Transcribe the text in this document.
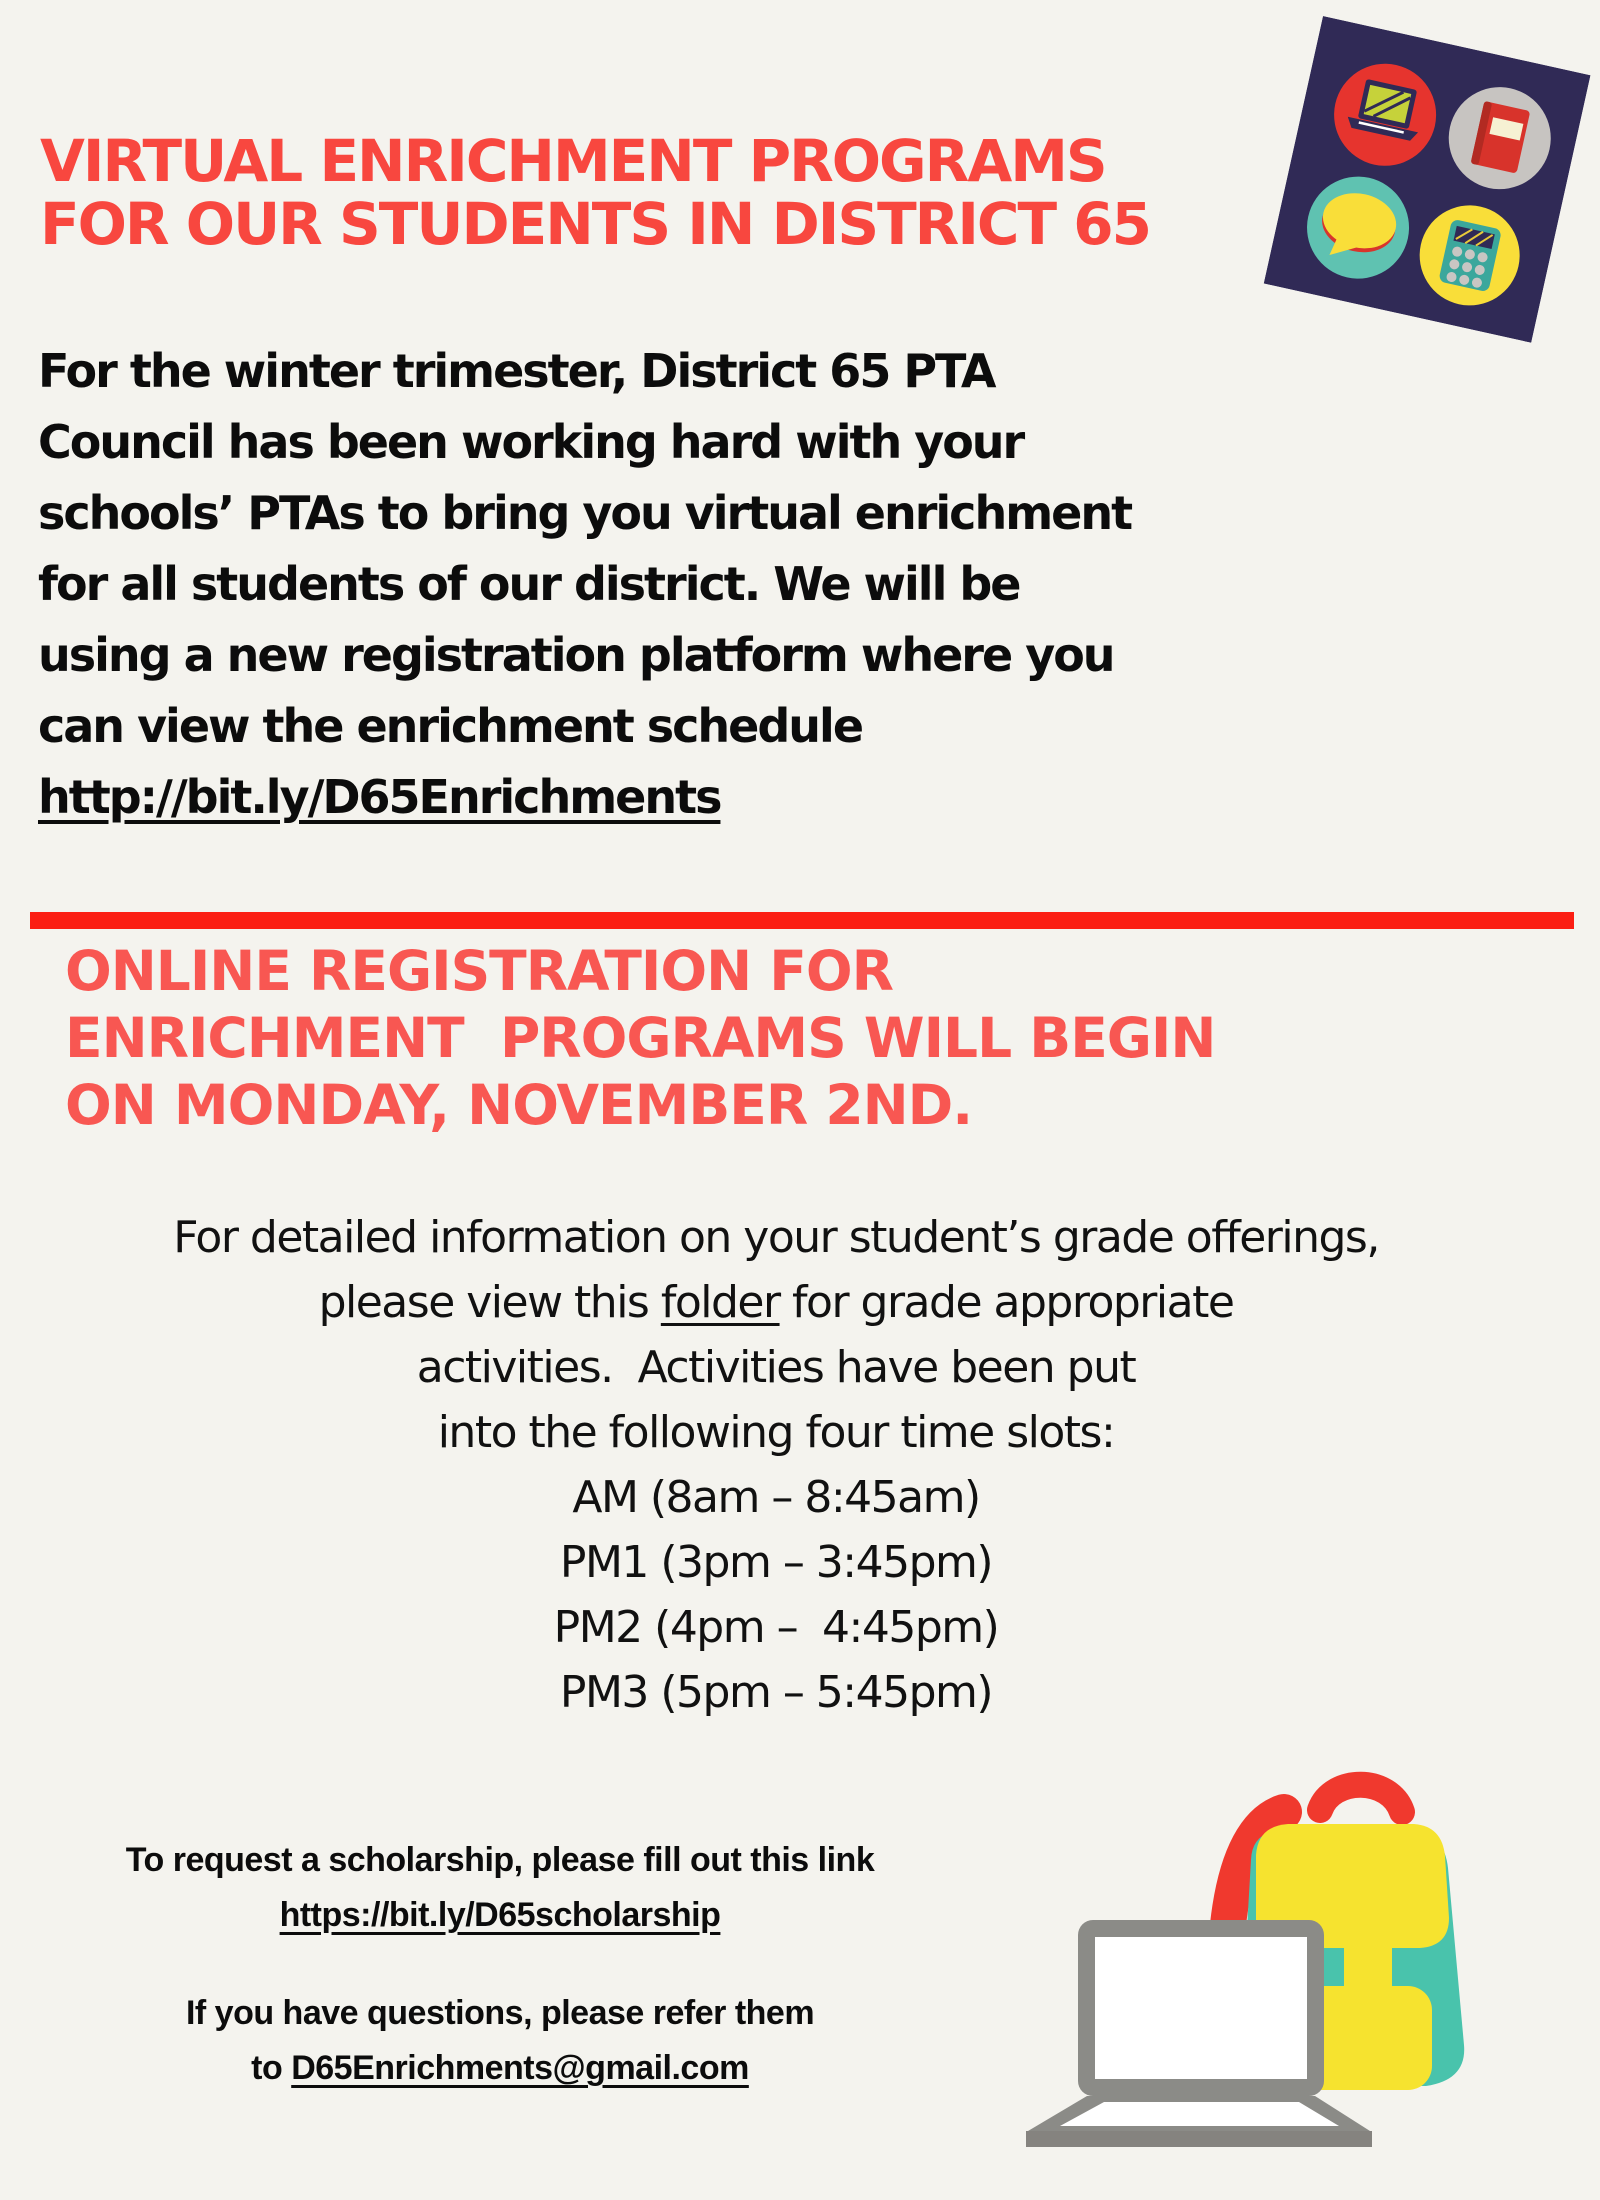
VIRTUAL ENRICHMENT PROGRAMS
FOR OUR STUDENTS IN DISTRICT 65
For the winter trimester, District 65 PTA
Council has been working hard with your
schools’ PTAs to bring you virtual enrichment
for all students of our district. We will be
using a new registration platform where you
can view the enrichment schedule
http://bit.ly/D65Enrichments
ONLINE REGISTRATION FOR
ENRICHMENT  PROGRAMS WILL BEGIN
ON MONDAY, NOVEMBER 2ND.
For detailed information on your student’s grade offerings,
please view this folder for grade appropriate
activities.  Activities have been put
into the following four time slots:
AM (8am – 8:45am)
PM1 (3pm – 3:45pm)
PM2 (4pm –  4:45pm)
PM3 (5pm – 5:45pm)
To request a scholarship, please fill out this link
https://bit.ly/D65scholarship
If you have questions, please refer them
to D65Enrichments@gmail.com
